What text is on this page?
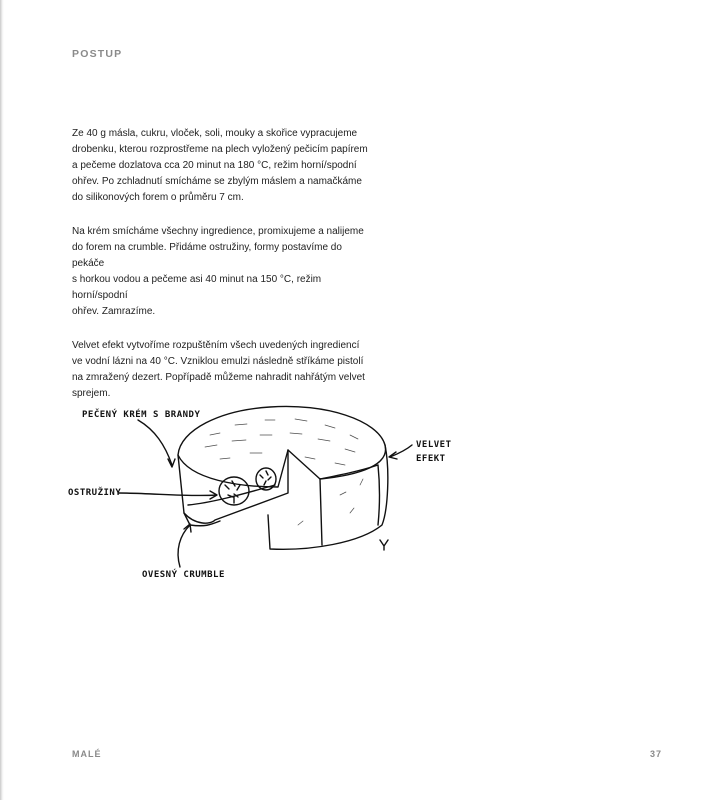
POSTUP

Ze 40 g másla, cukru, vloček, soli, mouky a skořice vypracujeme
drobenku, kterou rozprostřeme na plech vyložený pečicím papírem
a pečeme dozlatova cca 20 minut na 180 °C, režim horní/spodní
ohřev. Po zchladnutí smícháme se zbylým máslem a namačkáme
do silikonových forem o průměru 7 cm.

Na krém smícháme všechny ingredience, promixujeme a nalijeme
do forem na crumble. Přidáme ostružiny, formy postavíme do pekáče
s horkou vodou a pečeme asi 40 minut na 150 °C, režim horní/spodní
ohřev. Zamrazíme.

Velvet efekt vytvoříme rozpuštěním všech uvedených ingrediencí
ve vodní lázni na 40 °C. Vzniklou emulzi následně stříkáme pistolí
na zmražený dezert. Popřípadě můžeme nahradit nahřátým velvet
sprejem.

PEČENÝ KRÉM S BRANDY
OSTRUŽINY
VELVET
EFEKT
OVESNÝ CRUMBLE
MALÉ	37
